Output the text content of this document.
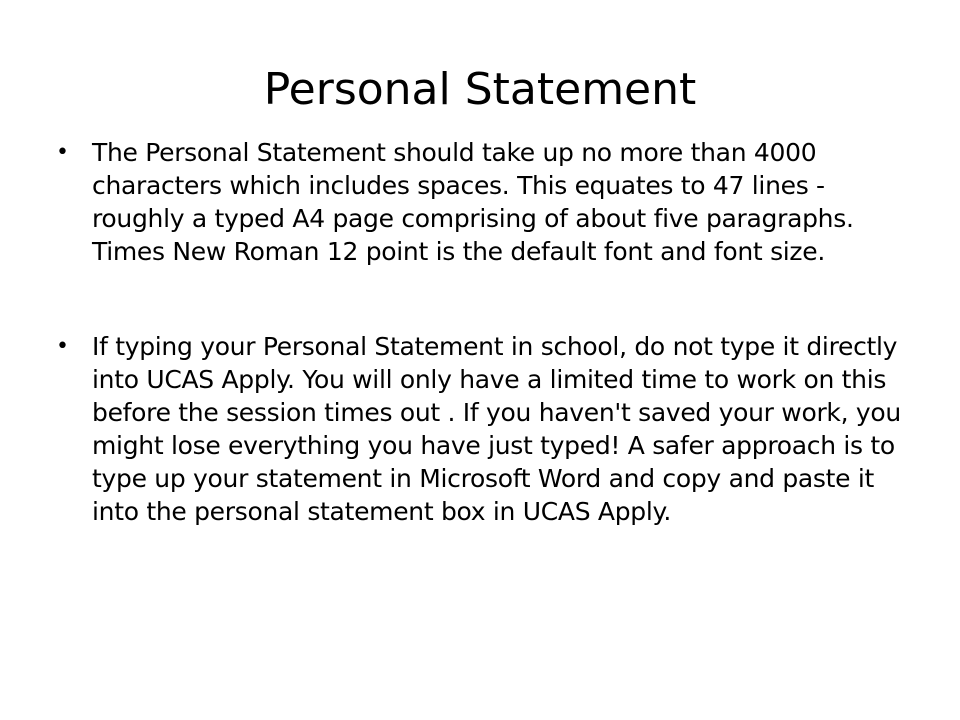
Personal Statement
• The Personal Statement should take up no more than 4000 characters which includes spaces. This equates to 47 lines - roughly a typed A4 page comprising of about five paragraphs. Times New Roman 12 point is the default font and font size.
• If typing your Personal Statement in school, do not type it directly into UCAS Apply. You will only have a limited time to work on this before the session times out . If you haven't saved your work, you might lose everything you have just typed! A safer approach is to type up your statement in Microsoft Word and copy and paste it into the personal statement box in UCAS Apply.
